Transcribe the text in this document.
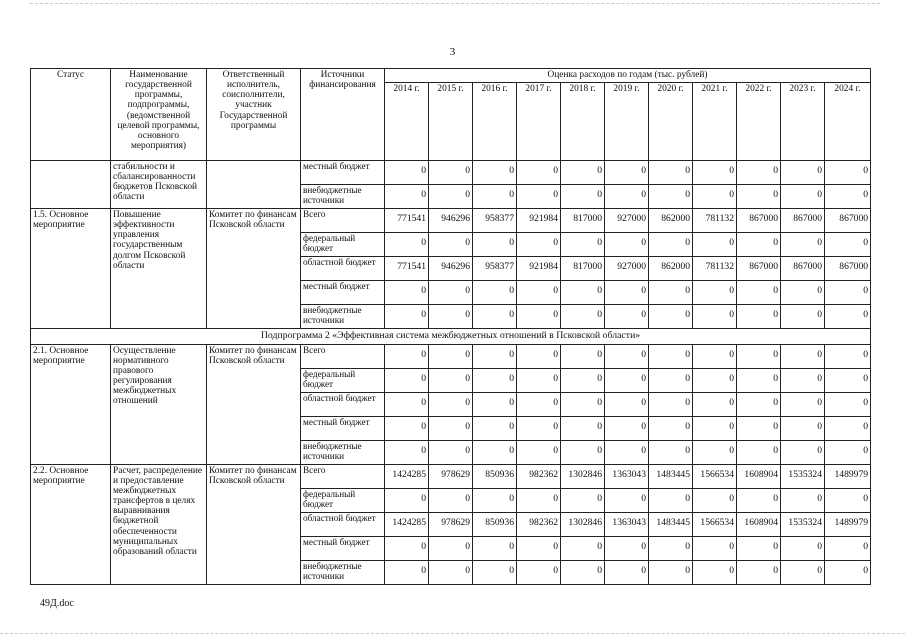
3
Статус	Наименование государственной программы, подпрограммы, (ведомственной целевой программы, основного мероприятия)	Ответственный исполнитель, соисполнители, участник Государственной программы	Источники финансирования	Оценка расходов по годам (тыс. рублей)										
				2014 г.	2015 г.	2016 г.	2017 г.	2018 г.	2019 г.	2020 г.	2021 г.	2022 г.	2023 г.	2024 г.
	стабильности и сбалансированности бюджетов Псковской области		местный бюджет	0	0	0	0	0	0	0	0	0	0	0
			внебюджетные источники	0	0	0	0	0	0	0	0	0	0	0
1.5. Основное мероприятие	Повышение эффективности управления государственным долгом Псковской области	Комитет по финансам Псковской области	Всего	771541	946296	958377	921984	817000	927000	862000	781132	867000	867000	867000
			федеральный бюджет	0	0	0	0	0	0	0	0	0	0	0
			областной бюджет	771541	946296	958377	921984	817000	927000	862000	781132	867000	867000	867000
			местный бюджет	0	0	0	0	0	0	0	0	0	0	0
			внебюджетные источники	0	0	0	0	0	0	0	0	0	0	0
Подпрограмма 2 «Эффективная система межбюджетных отношений в Псковской области»														
2.1. Основное мероприятие	Осуществление нормативного правового регулирования межбюджетных отношений	Комитет по финансам Псковской области	Всего	0	0	0	0	0	0	0	0	0	0	0
			федеральный бюджет	0	0	0	0	0	0	0	0	0	0	0
			областной бюджет	0	0	0	0	0	0	0	0	0	0	0
			местный бюджет	0	0	0	0	0	0	0	0	0	0	0
			внебюджетные источники	0	0	0	0	0	0	0	0	0	0	0
2.2. Основное мероприятие	Расчет, распределение и предоставление межбюджетных трансфертов в целях выравнивания бюджетной обеспеченности муниципальных образований области	Комитет по финансам Псковской области	Всего	1424285	978629	850936	982362	1302846	1363043	1483445	1566534	1608904	1535324	1489979
			федеральный бюджет	0	0	0	0	0	0	0	0	0	0	0
			областной бюджет	1424285	978629	850936	982362	1302846	1363043	1483445	1566534	1608904	1535324	1489979
			местный бюджет	0	0	0	0	0	0	0	0	0	0	0
			внебюджетные источники	0	0	0	0	0	0	0	0	0	0	0
49Д.doc
